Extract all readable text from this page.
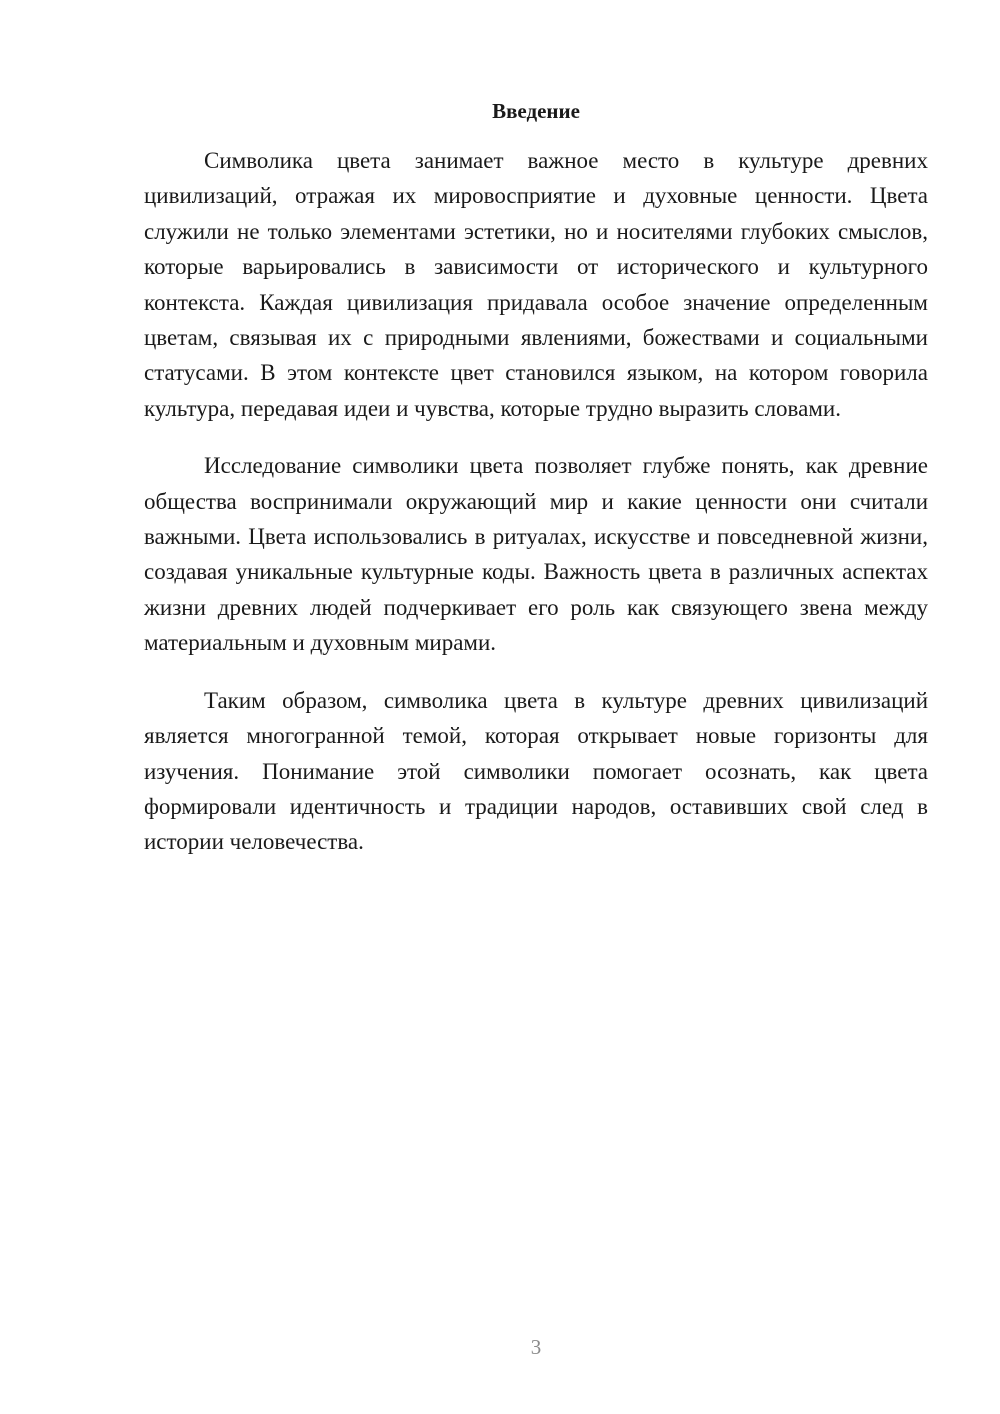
Введение

Символика цвета занимает важное место в культуре древних цивилизаций, отражая их мировосприятие и духовные ценности. Цвета служили не только элементами эстетики, но и носителями глубоких смыслов, которые варьировались в зависимости от исторического и культурного контекста. Каждая цивилизация придавала особое значение определенным цветам, связывая их с природными явлениями, божествами и социальными статусами. В этом контексте цвет становился языком, на котором говорила культура, передавая идеи и чувства, которые трудно выразить словами.

Исследование символики цвета позволяет глубже понять, как древние общества воспринимали окружающий мир и какие ценности они считали важными. Цвета использовались в ритуалах, искусстве и повседневной жизни, создавая уникальные культурные коды. Важность цвета в различных аспектах жизни древних людей подчеркивает его роль как связующего звена между материальным и духовным мирами.

Таким образом, символика цвета в культуре древних цивилизаций является многогранной темой, которая открывает новые горизонты для изучения. Понимание этой символики помогает осознать, как цвета формировали идентичность и традиции народов, оставивших свой след в истории человечества.

3
